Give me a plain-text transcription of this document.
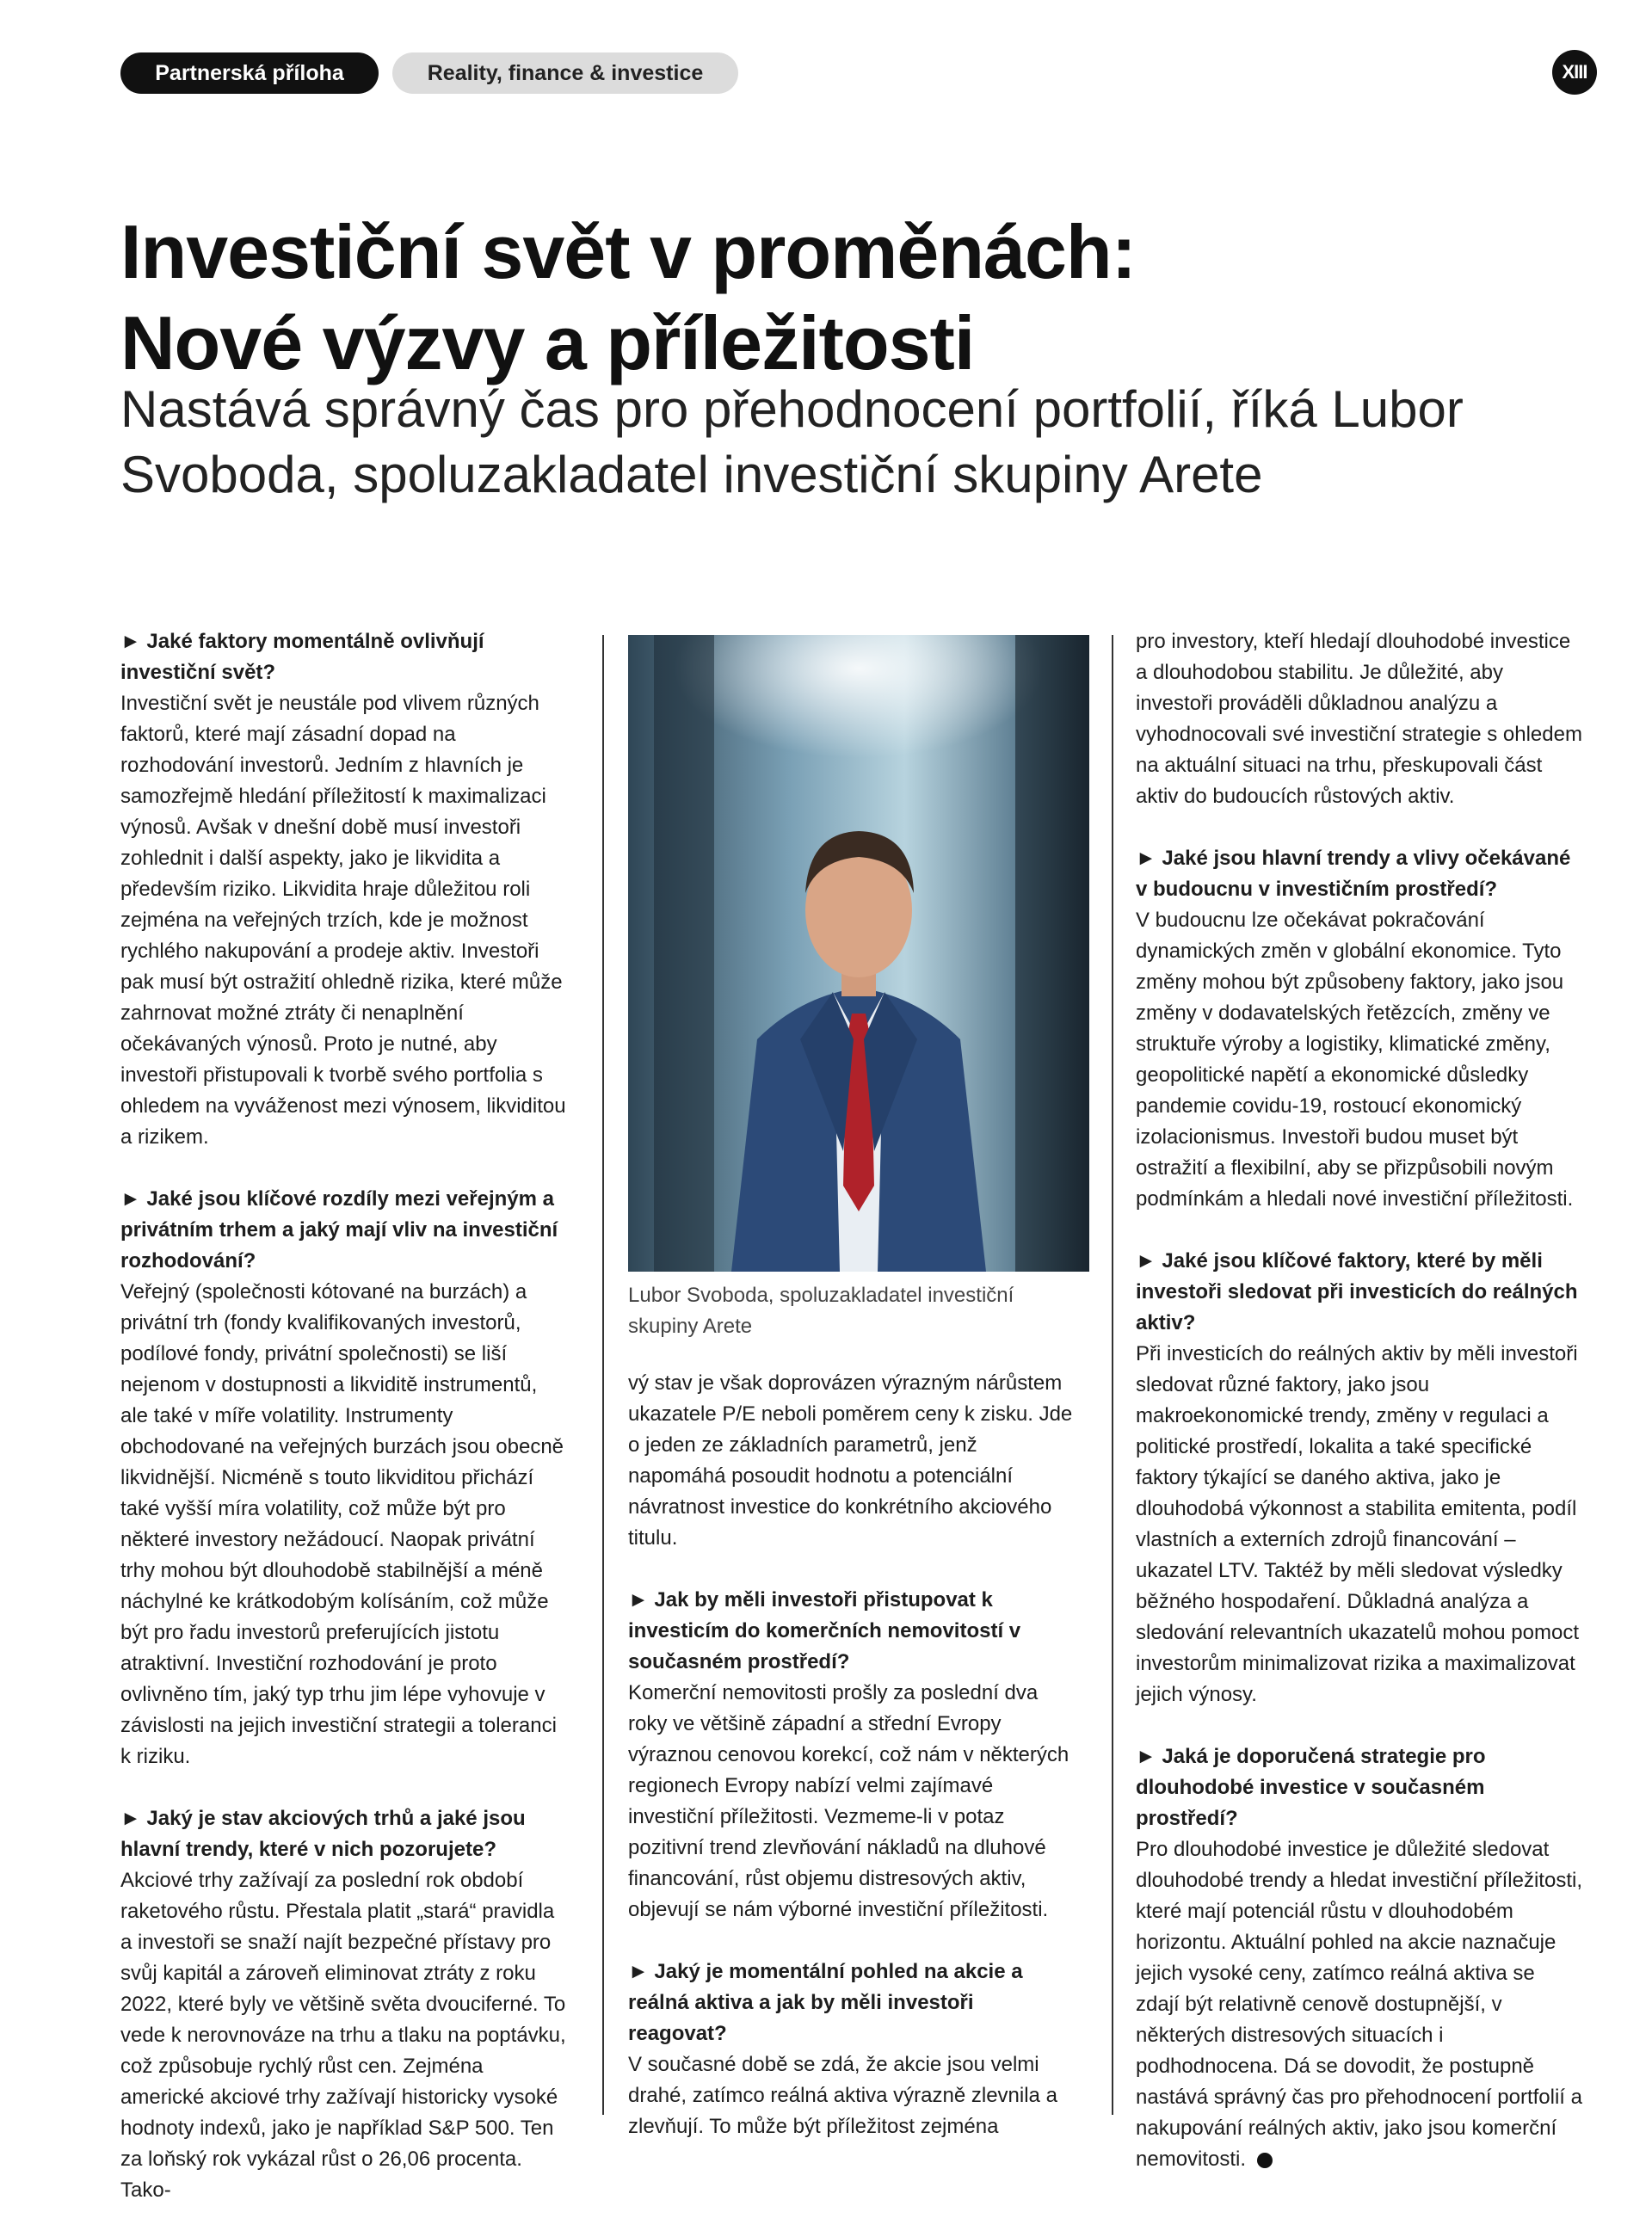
Partnerská příloha	Reality, finance & investice	XIII
Investiční svět v proměnách:
Nové výzvy a příležitosti
Nastává správný čas pro přehodnocení portfolií, říká Lubor Svoboda, spoluzakladatel investiční skupiny Arete

► Jaké faktory momentálně ovlivňují investiční svět?
Investiční svět je neustále pod vlivem různých faktorů, které mají zásadní dopad na rozhodování investorů. Jedním z hlavních je samozřejmě hledání příležitostí k maximalizaci výnosů. Avšak v dnešní době musí investoři zohlednit i další aspekty, jako je likvidita a především riziko. Likvidita hraje důležitou roli zejména na veřejných trzích, kde je možnost rychlého nakupování a prodeje aktiv. Investoři pak musí být ostražití ohledně rizika, které může zahrnovat možné ztráty či nenaplnění očekávaných výnosů. Proto je nutné, aby investoři přistupovali k tvorbě svého portfolia s ohledem na vyváženost mezi výnosem, likviditou a rizikem.

► Jaké jsou klíčové rozdíly mezi veřejným a privátním trhem a jaký mají vliv na investiční rozhodování?
Veřejný (společnosti kótované na burzách) a privátní trh (fondy kvalifikovaných investorů, podílové fondy, privátní společnosti) se liší nejenom v dostupnosti a likviditě instrumentů, ale také v míře volatility. Instrumenty obchodované na veřejných burzách jsou obecně likvidnější. Nicméně s touto likviditou přichází také vyšší míra volatility, což může být pro některé investory nežádoucí. Naopak privátní trhy mohou být dlouhodobě stabilnější a méně náchylné ke krátkodobým kolísáním, což může být pro řadu investorů preferujících jistotu atraktivní. Investiční rozhodování je proto ovlivněno tím, jaký typ trhu jim lépe vyhovuje v závislosti na jejich investiční strategii a toleranci k riziku.

► Jaký je stav akciových trhů a jaké jsou hlavní trendy, které v nich pozorujete?
Akciové trhy zažívají za poslední rok období raketového růstu. Přestala platit „stará“ pravidla a investoři se snaží najít bezpečné přístavy pro svůj kapitál a zároveň eliminovat ztráty z roku 2022, které byly ve většině světa dvouciferné. To vede k nerovnováze na trhu a tlaku na poptávku, což způsobuje rychlý růst cen. Zejména americké akciové trhy zažívají historicky vysoké hodnoty indexů, jako je například S&P 500. Ten za loňský rok vykázal růst o 26,06 procenta. Tako-

Lubor Svoboda, spoluzakladatel investiční skupiny Arete

vý stav je však doprovázen výrazným nárůstem ukazatele P/E neboli poměrem ceny k zisku. Jde o jeden ze základních parametrů, jenž napomáhá posoudit hodnotu a potenciální návratnost investice do konkrétního akciového titulu.

► Jak by měli investoři přistupovat k investicím do komerčních nemovitostí v současném prostředí?
Komerční nemovitosti prošly za poslední dva roky ve většině západní a střední Evropy výraznou cenovou korekcí, což nám v některých regionech Evropy nabízí velmi zajímavé investiční příležitosti. Vezmeme-li v potaz pozitivní trend zlevňování nákladů na dluhové financování, růst objemu distresových aktiv, objevují se nám výborné investiční příležitosti.

► Jaký je momentální pohled na akcie a reálná aktiva a jak by měli investoři reagovat?
V současné době se zdá, že akcie jsou velmi drahé, zatímco reálná aktiva výrazně zlevnila a zlevňují. To může být příležitost zejména

pro investory, kteří hledají dlouhodobé investice a dlouhodobou stabilitu. Je důležité, aby investoři prováděli důkladnou analýzu a vyhodnocovali své investiční strategie s ohledem na aktuální situaci na trhu, přeskupovali část aktiv do budoucích růstových aktiv.

► Jaké jsou hlavní trendy a vlivy očekávané v budoucnu v investičním prostředí?
V budoucnu lze očekávat pokračování dynamických změn v globální ekonomice. Tyto změny mohou být způsobeny faktory, jako jsou změny v dodavatelských řetězcích, změny ve struktuře výroby a logistiky, klimatické změny, geopolitické napětí a ekonomické důsledky pandemie covidu-19, rostoucí ekonomický izolacionismus. Investoři budou muset být ostražití a flexibilní, aby se přizpůsobili novým podmínkám a hledali nové investiční příležitosti.

► Jaké jsou klíčové faktory, které by měli investoři sledovat při investicích do reálných aktiv?
Při investicích do reálných aktiv by měli investoři sledovat různé faktory, jako jsou makroekonomické trendy, změny v regulaci a politické prostředí, lokalita a také specifické faktory týkající se daného aktiva, jako je dlouhodobá výkonnost a stabilita emitenta, podíl vlastních a externích zdrojů financování – ukazatel LTV. Taktéž by měli sledovat výsledky běžného hospodaření. Důkladná analýza a sledování relevantních ukazatelů mohou pomoct investorům minimalizovat rizika a maximalizovat jejich výnosy.

► Jaká je doporučená strategie pro dlouhodobé investice v současném prostředí?
Pro dlouhodobé investice je důležité sledovat dlouhodobé trendy a hledat investiční příležitosti, které mají potenciál růstu v dlouhodobém horizontu. Aktuální pohled na akcie naznačuje jejich vysoké ceny, zatímco reálná aktiva se zdají být relativně cenově dostupnější, v některých distresových situacích i podhodnocena. Dá se dovodit, že postupně nastává správný čas pro přehodnocení portfolií a nakupování reálných aktiv, jako jsou komerční nemovitosti.
